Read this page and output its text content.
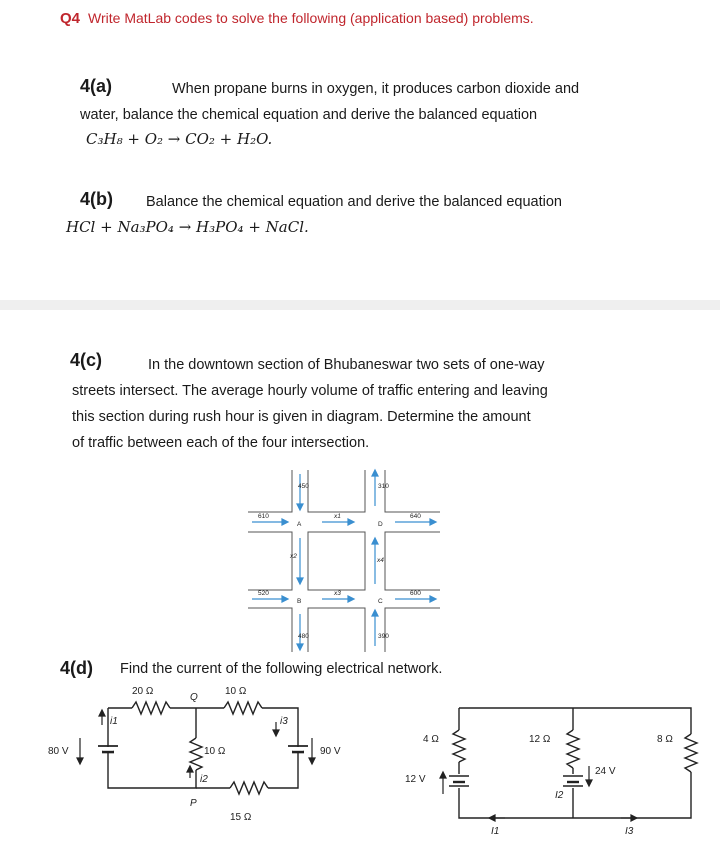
Q4 Write MatLab codes to solve the following (application based) problems.
4(a)	When propane burns in oxygen, it produces carbon dioxide and
water, balance the chemical equation and derive the balanced equation
C₃H₈ + O₂ → CO₂ + H₂O.
4(b) Balance the chemical equation and derive the balanced equation
HCl + Na₃PO₄ → H₃PO₄ + NaCl.
4(c)	In the downtown section of Bhubaneswar two sets of one-way
streets intersect. The average hourly volume of traffic entering and leaving
this section during rush hour is given in diagram. Determine the amount
of traffic between each of the four intersection.
450	310
610	640
A	D
x1
x2
x4
520
B
x3
C
600
480	390
4(d) Find the current of the following electrical network.
20 Ω	10 Ω
Q
10 Ω
15 Ω
P
80 V	90 V
i1
i2
i3
4 Ω	12 Ω	8 Ω
12 V
24 V
I1
I2
I3
